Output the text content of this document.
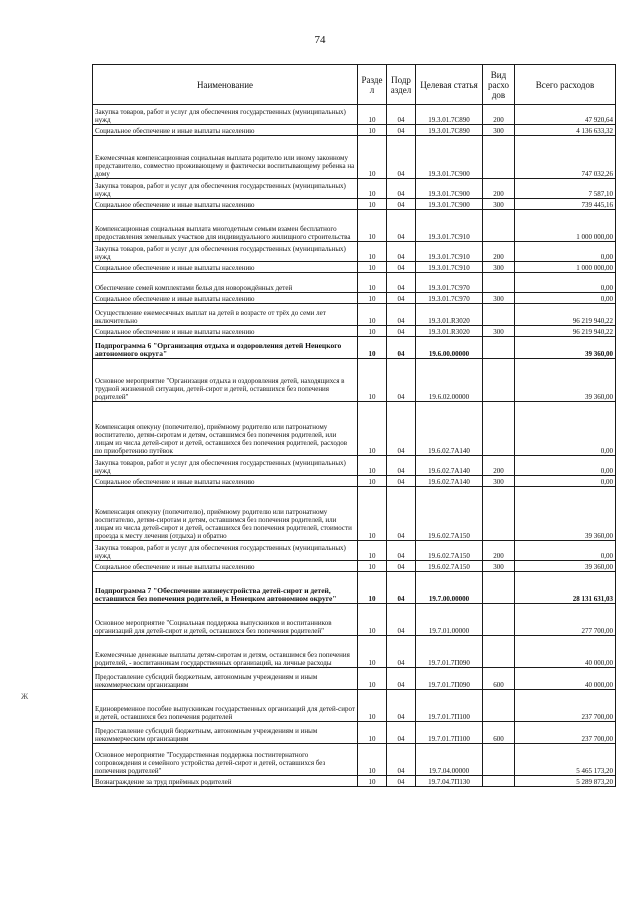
74
Ж
Наименование	Разде л	Подр аздел	Целевая статья	Вид расхо дов	Всего расходов
Закупка товаров, работ и услуг для обеспечения государственных (муниципальных) нужд	10	04	19.3.01.7С890	200	47 920,64
Социальное обеспечение и иные выплаты населению	10	04	19.3.01.7С890	300	4 136 633,32
Ежемесячная компенсационная социальная выплата родителю или иному законному представителю, совместно проживающему и фактически воспитывающему ребенка на дому	10	04	19.3.01.7С900		747 032,26
Закупка товаров, работ и услуг для обеспечения государственных (муниципальных) нужд	10	04	19.3.01.7С900	200	7 587,10
Социальное обеспечение и иные выплаты населению	10	04	19.3.01.7С900	300	739 445,16
Компенсационная социальная выплата многодетным семьям взамен бесплатного предоставления земельных участков для индивидуального жилищного строительства	10	04	19.3.01.7С910		1 000 000,00
Закупка товаров, работ и услуг для обеспечения государственных (муниципальных) нужд	10	04	19.3.01.7С910	200	0,00
Социальное обеспечение и иные выплаты населению	10	04	19.3.01.7С910	300	1 000 000,00
Обеспечение семей комплектами белья для новорождённых детей	10	04	19.3.01.7С970		0,00
Социальное обеспечение и иные выплаты населению	10	04	19.3.01.7С970	300	0,00
Осуществление ежемесячных выплат на детей в возрасте от трёх до семи лет включительно	10	04	19.3.01.R3020		96 219 940,22
Социальное обеспечение и иные выплаты населению	10	04	19.3.01.R3020	300	96 219 940,22
Подпрограмма 6 "Организация отдыха и оздоровления детей Ненецкого автономного округа"	10	04	19.6.00.00000		39 360,00
Основное мероприятие "Организация отдыха и оздоровления детей, находящихся в трудной жизненной ситуации, детей-сирот и детей, оставшихся без попечения родителей"	10	04	19.6.02.00000		39 360,00
Компенсация опекуну (попечителю), приёмному родителю или патронатному воспитателю, детям-сиротам и детям, оставшимся без попечения родителей, или лицам из числа детей-сирот и детей, оставшихся без попечения родителей, расходов по приобретению путёвок	10	04	19.6.02.7А140		0,00
Закупка товаров, работ и услуг для обеспечения государственных (муниципальных) нужд	10	04	19.6.02.7А140	200	0,00
Социальное обеспечение и иные выплаты населению	10	04	19.6.02.7А140	300	0,00
Компенсация опекуну (попечителю), приёмному родителю или патронатному воспитателю, детям-сиротам и детям, оставшимся без попечения родителей, или лицам из числа детей-сирот и детей, оставшихся без попечения родителей, стоимости проезда к месту лечения (отдыха) и обратно	10	04	19.6.02.7А150		39 360,00
Закупка товаров, работ и услуг для обеспечения государственных (муниципальных) нужд	10	04	19.6.02.7А150	200	0,00
Социальное обеспечение и иные выплаты населению	10	04	19.6.02.7А150	300	39 360,00
Подпрограмма 7 "Обеспечение жизнеустройства детей-сирот и детей, оставшихся без попечения родителей, в Ненецком автономном округе"	10	04	19.7.00.00000		28 131 631,03
Основное мероприятие "Социальная поддержка выпускников и воспитанников организаций для детей-сирот и детей, оставшихся без попечения родителей"	10	04	19.7.01.00000		277 700,00
Ежемесячные денежные выплаты детям-сиротам и детям, оставшимся без попечения родителей, - воспитанникам государственных организаций, на личные расходы	10	04	19.7.01.7П090		40 000,00
Предоставление субсидий бюджетным, автономным учреждениям и иным некоммерческим организациям	10	04	19.7.01.7П090	600	40 000,00
Единовременное пособие выпускникам государственных организаций для детей-сирот и детей, оставшихся без попечения родителей	10	04	19.7.01.7П100		237 700,00
Предоставление субсидий бюджетным, автономным учреждениям и иным некоммерческим организациям	10	04	19.7.01.7П100	600	237 700,00
Основное мероприятие "Государственная поддержка постинтернатного сопровождения и семейного устройства детей-сирот и детей, оставшихся без попечения родителей"	10	04	19.7.04.00000		5 465 173,20
Вознаграждение за труд приёмных родителей	10	04	19.7.04.7П130		5 289 873,20
